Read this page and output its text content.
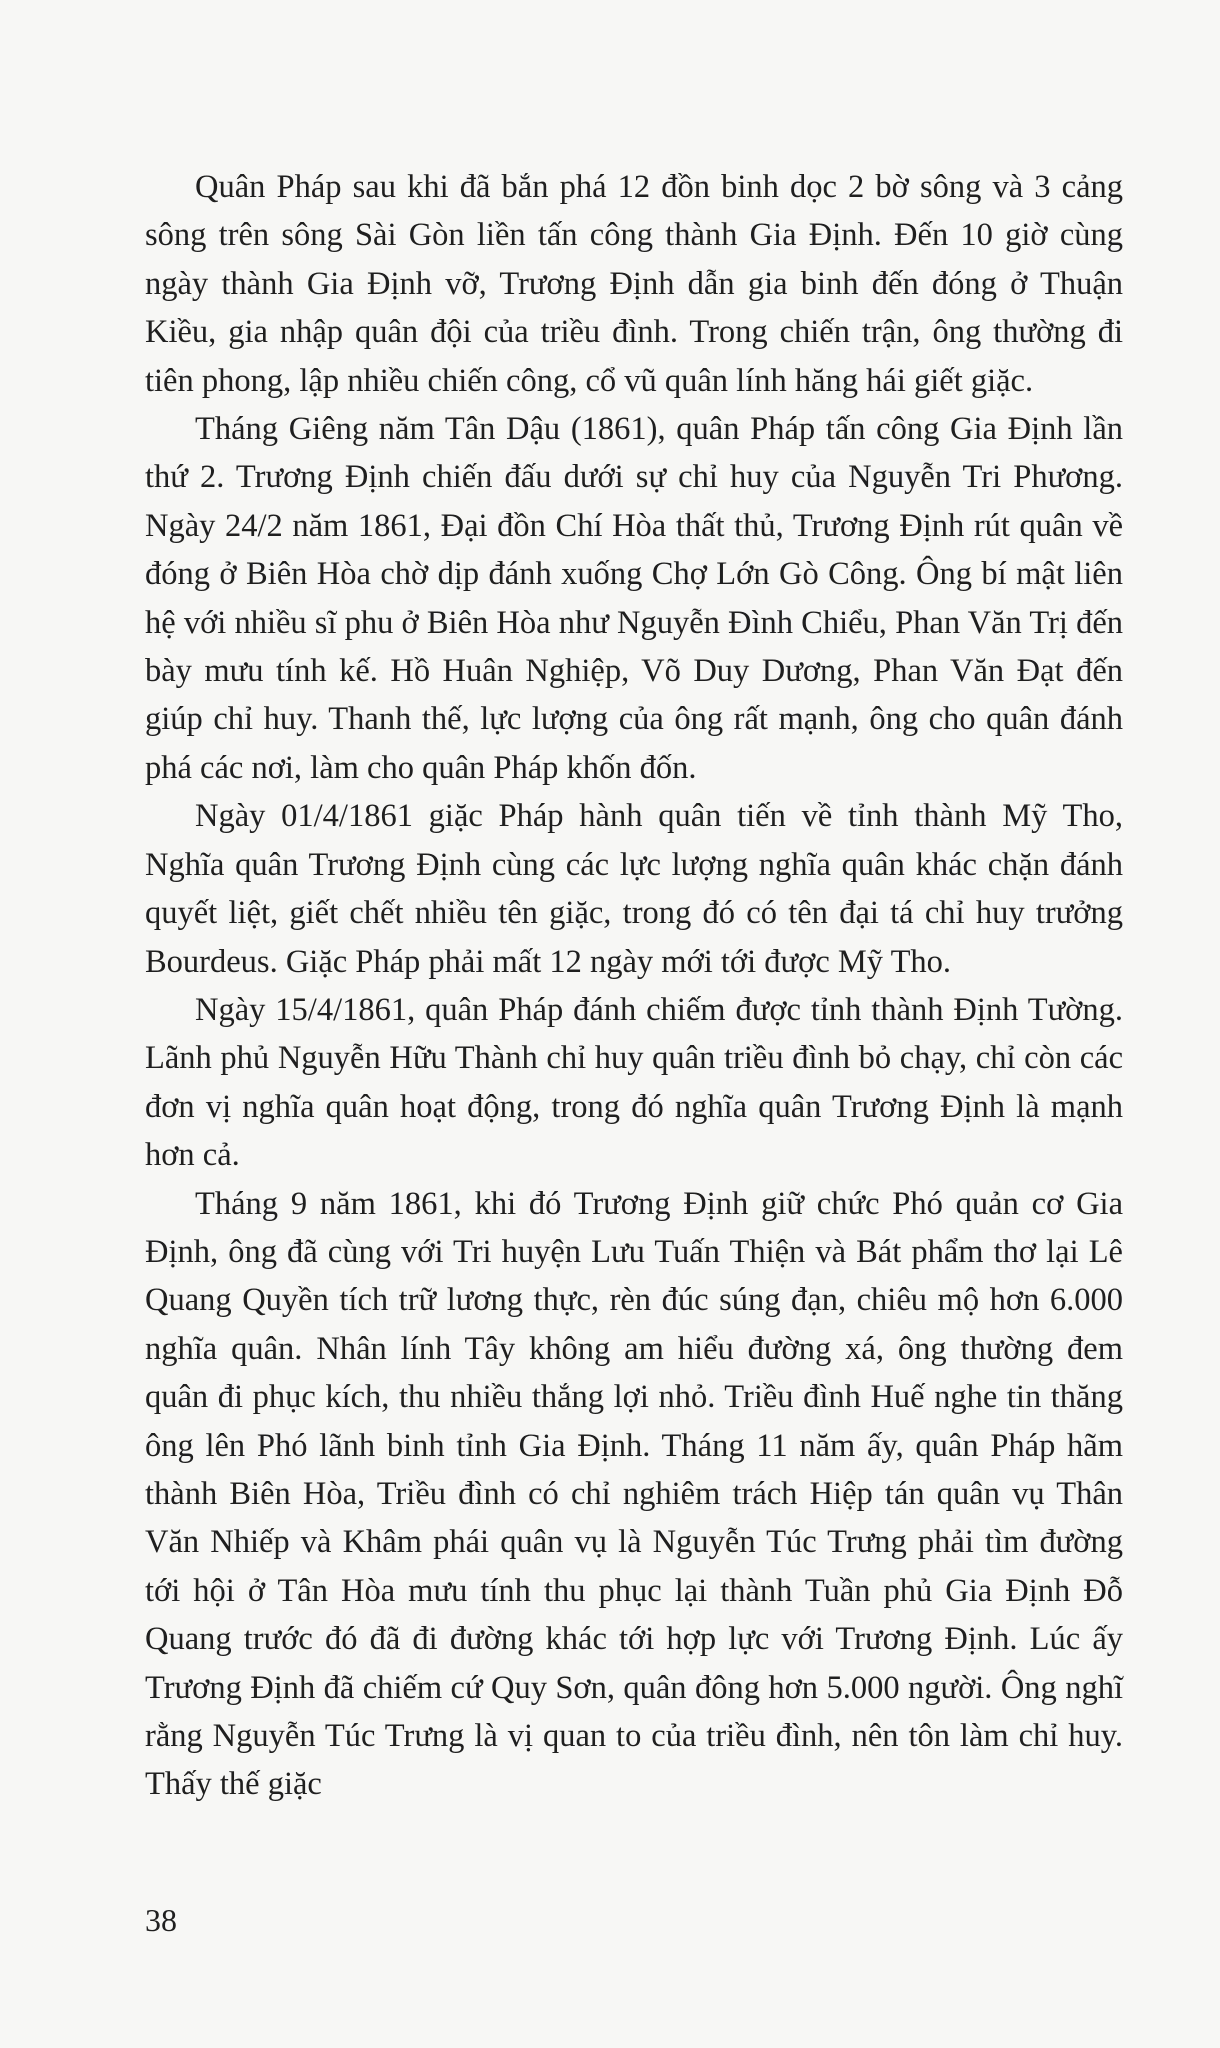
Quân Pháp sau khi đã bắn phá 12 đồn binh dọc 2 bờ sông và 3 cảng sông trên sông Sài Gòn liền tấn công thành Gia Định. Đến 10 giờ cùng ngày thành Gia Định vỡ, Trương Định dẫn gia binh đến đóng ở Thuận Kiều, gia nhập quân đội của triều đình. Trong chiến trận, ông thường đi tiên phong, lập nhiều chiến công, cổ vũ quân lính hăng hái giết giặc.

Tháng Giêng năm Tân Dậu (1861), quân Pháp tấn công Gia Định lần thứ 2. Trương Định chiến đấu dưới sự chỉ huy của Nguyễn Tri Phương. Ngày 24/2 năm 1861, Đại đồn Chí Hòa thất thủ, Trương Định rút quân về đóng ở Biên Hòa chờ dịp đánh xuống Chợ Lớn Gò Công. Ông bí mật liên hệ với nhiều sĩ phu ở Biên Hòa như Nguyễn Đình Chiểu, Phan Văn Trị đến bày mưu tính kế. Hồ Huân Nghiệp, Võ Duy Dương, Phan Văn Đạt đến giúp chỉ huy. Thanh thế, lực lượng của ông rất mạnh, ông cho quân đánh phá các nơi, làm cho quân Pháp khốn đốn.

Ngày 01/4/1861 giặc Pháp hành quân tiến về tỉnh thành Mỹ Tho, Nghĩa quân Trương Định cùng các lực lượng nghĩa quân khác chặn đánh quyết liệt, giết chết nhiều tên giặc, trong đó có tên đại tá chỉ huy trưởng Bourdeus. Giặc Pháp phải mất 12 ngày mới tới được Mỹ Tho.

Ngày 15/4/1861, quân Pháp đánh chiếm được tỉnh thành Định Tường. Lãnh phủ Nguyễn Hữu Thành chỉ huy quân triều đình bỏ chạy, chỉ còn các đơn vị nghĩa quân hoạt động, trong đó nghĩa quân Trương Định là mạnh hơn cả.

Tháng 9 năm 1861, khi đó Trương Định giữ chức Phó quản cơ Gia Định, ông đã cùng với Tri huyện Lưu Tuấn Thiện và Bát phẩm thơ lại Lê Quang Quyền tích trữ lương thực, rèn đúc súng đạn, chiêu mộ hơn 6.000 nghĩa quân. Nhân lính Tây không am hiểu đường xá, ông thường đem quân đi phục kích, thu nhiều thắng lợi nhỏ. Triều đình Huế nghe tin thăng ông lên Phó lãnh binh tỉnh Gia Định. Tháng 11 năm ấy, quân Pháp hãm thành Biên Hòa, Triều đình có chỉ nghiêm trách Hiệp tán quân vụ Thân Văn Nhiếp và Khâm phái quân vụ là Nguyễn Túc Trưng phải tìm đường tới hội ở Tân Hòa mưu tính thu phục lại thành Tuần phủ Gia Định Đỗ Quang trước đó đã đi đường khác tới hợp lực với Trương Định. Lúc ấy Trương Định đã chiếm cứ Quy Sơn, quân đông hơn 5.000 người. Ông nghĩ rằng Nguyễn Túc Trưng là vị quan to của triều đình, nên tôn làm chỉ huy. Thấy thế giặc

38
